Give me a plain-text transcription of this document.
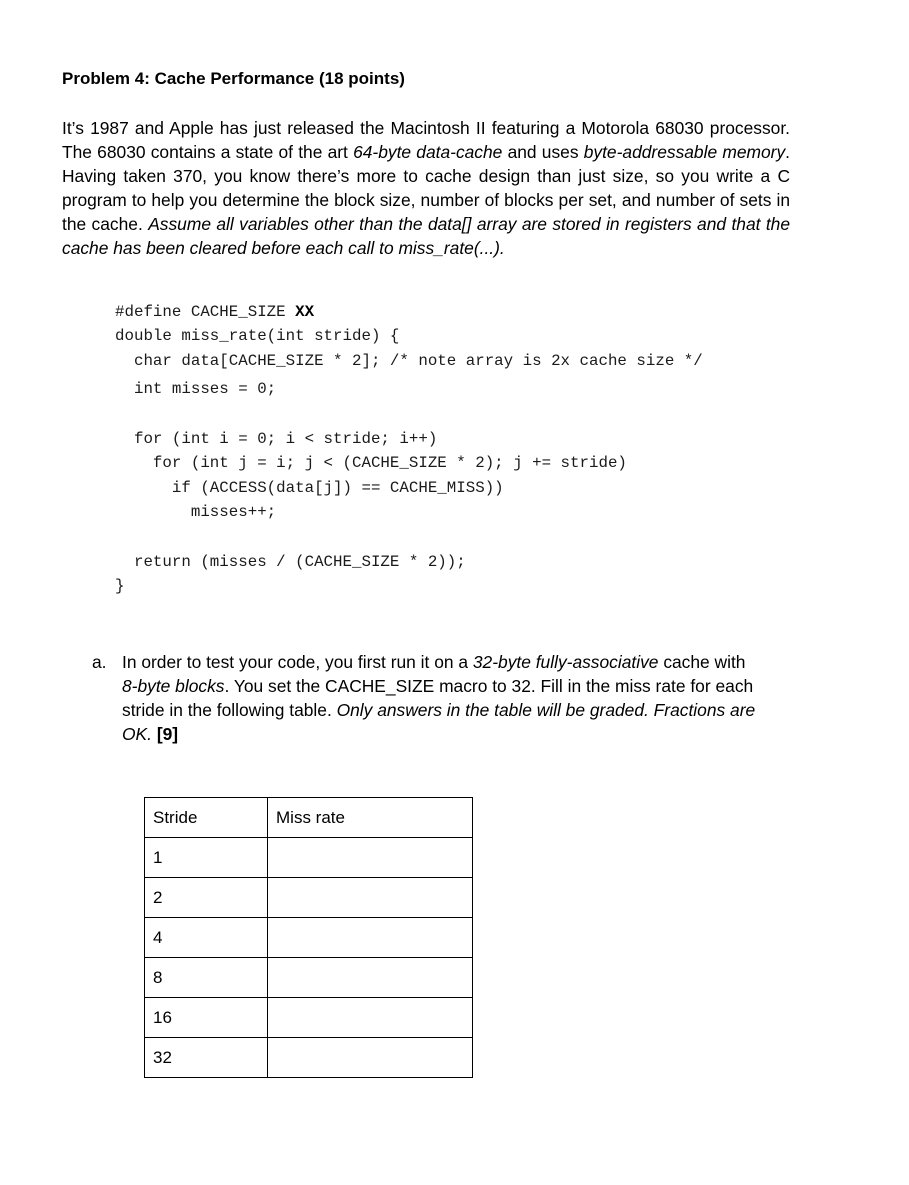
Problem 4: Cache Performance (18 points)
It’s 1987 and Apple has just released the Macintosh II featuring a Motorola 68030 processor. The 68030 contains a state of the art 64-byte data-cache and uses byte-addressable memory. Having taken 370, you know there’s more to cache design than just size, so you write a C program to help you determine the block size, number of blocks per set, and number of sets in the cache. Assume all variables other than the data[] array are stored in registers and that the cache has been cleared before each call to miss_rate(...).

#define CACHE_SIZE XX

double miss_rate(int stride) {

char data[CACHE_SIZE * 2]; /* note array is 2x cache size */

int misses = 0;

for (int i = 0; i < stride; i++)

for (int j = i; j < (CACHE_SIZE * 2); j += stride)

if (ACCESS(data[j]) == CACHE_MISS))

misses++;

return (misses / (CACHE_SIZE * 2));

}

a. In order to test your code, you first run it on a 32-byte fully-associative cache with 8-byte blocks. You set the CACHE_SIZE macro to 32. Fill in the miss rate for each stride in the following table. Only answers in the table will be graded. Fractions are OK. [9]
Stride	Miss rate
1	
2	
4	
8	
16	
32	
